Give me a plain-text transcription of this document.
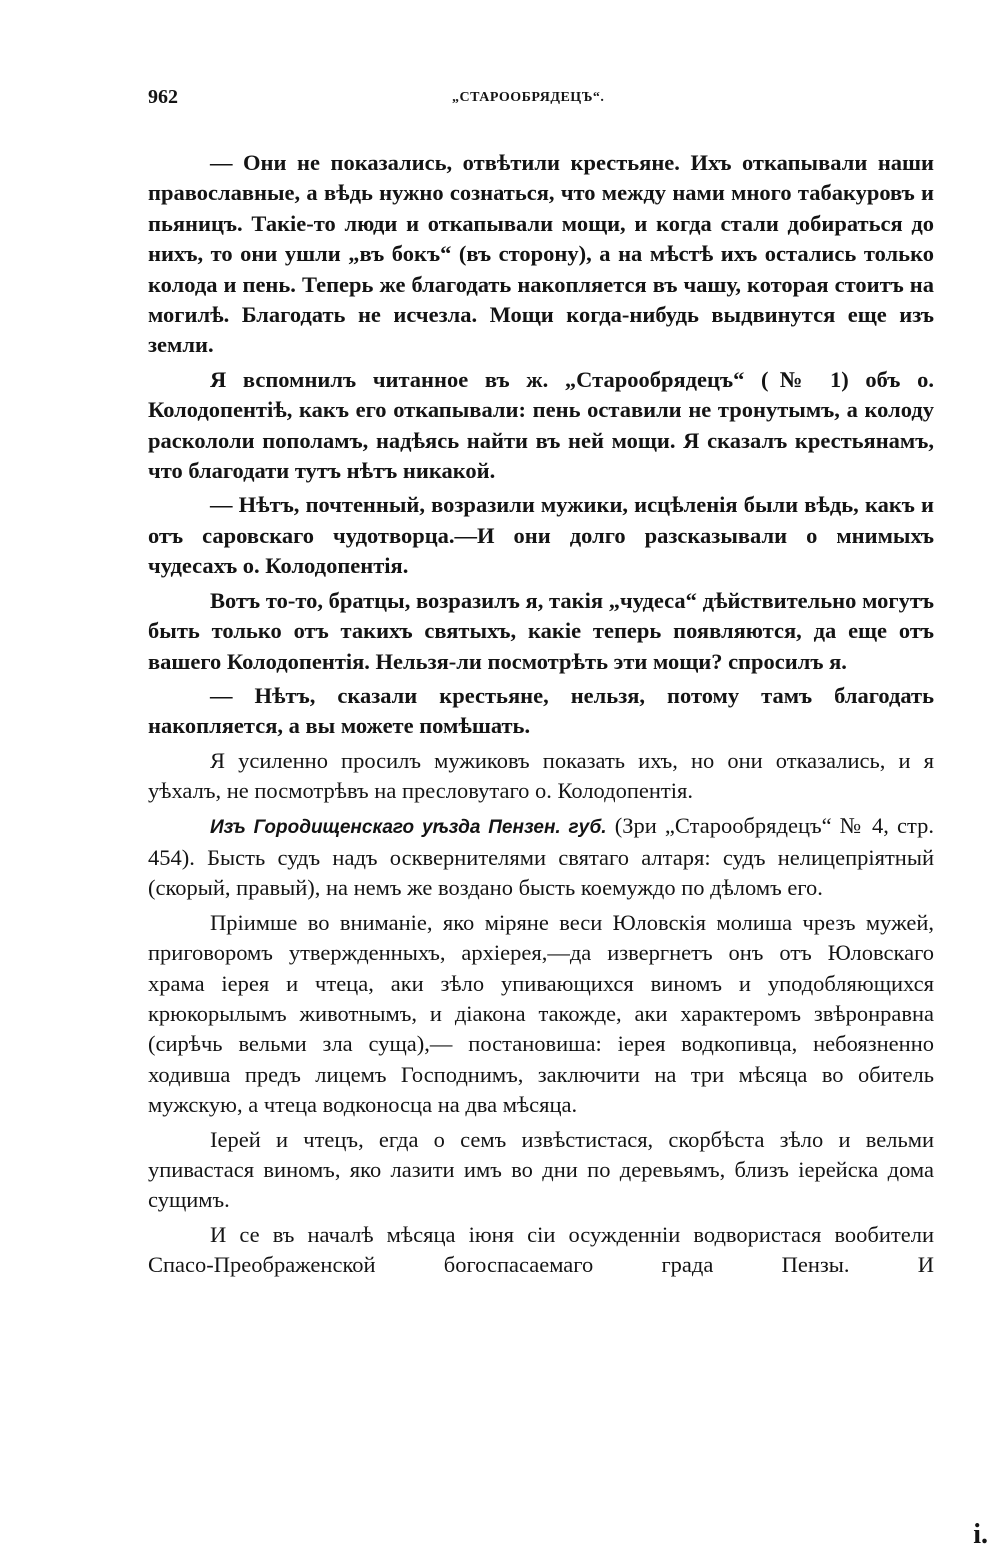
962	„СТАРООБРЯДЕЦЪ“.

— Они не показались, отвѣтили крестьяне. Ихъ откапывали наши православные, а вѣдь нужно сознаться, что между нами много табакуровъ и пьяницъ. Такіе-то люди и откапывали мощи, и когда стали добираться до нихъ, то они ушли „въ бокъ“ (въ сторону), а на мѣстѣ ихъ остались только колода и пень. Теперь же благодать накопляется въ чашу, которая стоитъ на могилѣ. Благодать не исчезла. Мощи когда-нибудь выдвинутся еще изъ земли.

Я вспомнилъ читанное въ ж. „Старообрядецъ“ (№ 1) объ о. Колодопентіѣ, какъ его откапывали: пень оставили не тронутымъ, а колоду раскололи пополамъ, надѣясь найти въ ней мощи. Я сказалъ крестьянамъ, что благодати тутъ нѣтъ никакой.

— Нѣтъ, почтенный, возразили мужики, исцѣленія были вѣдь, какъ и отъ саровскаго чудотворца.—И они долго разсказывали о мнимыхъ чудесахъ о. Колодопентія.

Вотъ то-то, братцы, возразилъ я, такія „чудеса“ дѣйствительно могутъ быть только отъ такихъ святыхъ, какіе теперь появляются, да еще отъ вашего Колодопентія. Нельзя-ли посмотрѣть эти мощи? спросилъ я.

— Нѣтъ, сказали крестьяне, нельзя, потому тамъ благодать накопляется, а вы можете помѣшать.

Я усиленно просилъ мужиковъ показать ихъ, но они отказались, и я уѣхалъ, не посмотрѣвъ на пресловутаго о. Колодопентія.

Изъ Городищенскаго уѣзда Пензен. губ. (Зри „Старообрядецъ“ № 4, стр. 454). Бысть судъ надъ осквернителями святаго алтаря: судъ нелицепріятный (скорый, правый), на немъ же воздано бысть коемуждо по дѣломъ его.

Пріимше во вниманіе, яко міряне веси Юловскія молиша чрезъ мужей, приговоромъ утвержденныхъ, архіерея,—да извергнетъ онъ отъ Юловскаго храма іерея и чтеца, аки зѣло упивающихся виномъ и уподобляющихся крюкорылымъ животнымъ, и діакона такожде, аки характеромъ звѣронравна (сирѣчь вельми зла суща),— постановиша: іерея водкопивца, небоязненно ходивша предъ лицемъ Господнимъ, заключити на три мѣсяца во обитель мужскую, а чтеца водконосца на два мѣсяца.

Іерей и чтецъ, егда о семъ извѣстистася, скорбѣста зѣло и вельми упивастася виномъ, яко лазити имъ во дни по деревьямъ, близъ іерейска дома сущимъ.

И се въ началѣ мѣсяца іюня сіи осужденніи водвористася вообители Спасо-Преображенской богоспасаемаго града Пензы. И

i.
